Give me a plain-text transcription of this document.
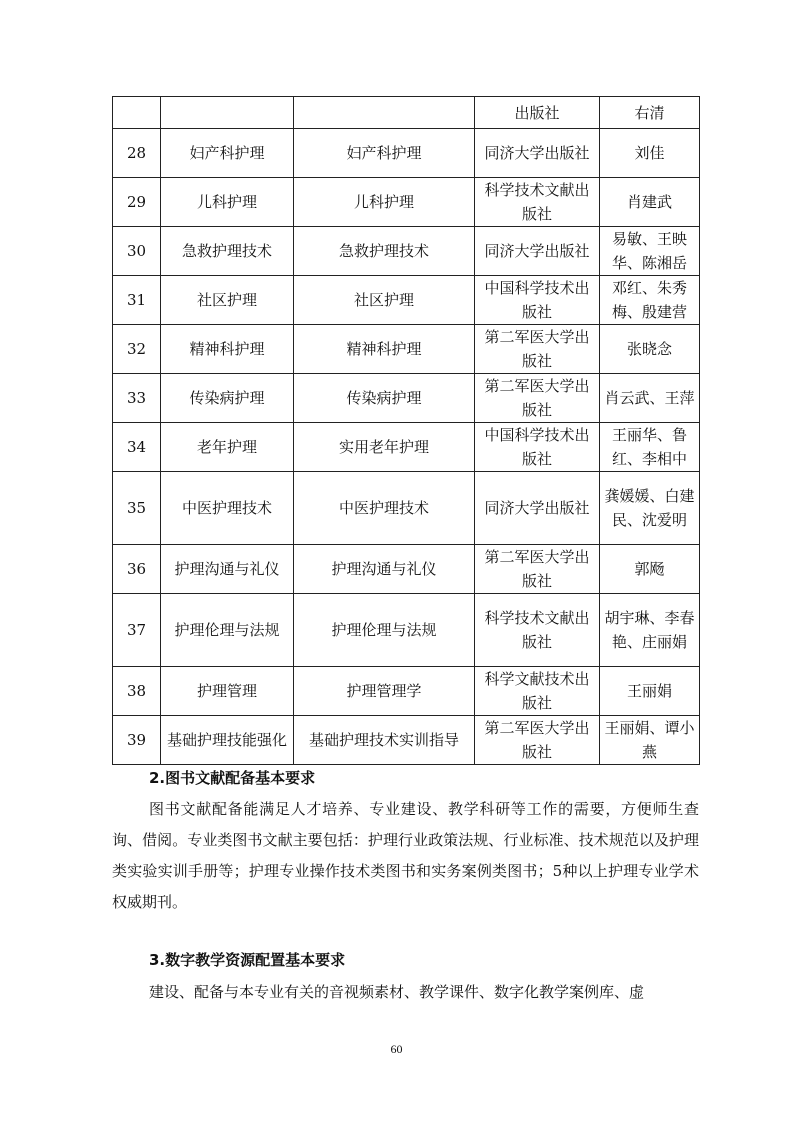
			出版社	右清
28	妇产科护理	妇产科护理	同济大学出版社	刘佳
29	儿科护理	儿科护理	科学技术文献出版社	肖建武
30	急救护理技术	急救护理技术	同济大学出版社	易敏、王映华、陈湘岳
31	社区护理	社区护理	中国科学技术出版社	邓红、朱秀梅、殷建营
32	精神科护理	精神科护理	第二军医大学出版社	张晓念
33	传染病护理	传染病护理	第二军医大学出版社	肖云武、王萍
34	老年护理	实用老年护理	中国科学技术出版社	王丽华、鲁红、李相中
35	中医护理技术	中医护理技术	同济大学出版社	龚媛媛、白建民、沈爱明
36	护理沟通与礼仪	护理沟通与礼仪	第二军医大学出版社	郭飏
37	护理伦理与法规	护理伦理与法规	科学技术文献出版社	胡宇琳、李春艳、庄丽娟
38	护理管理	护理管理学	科学文献技术出版社	王丽娟
39	基础护理技能强化	基础护理技术实训指导	第二军医大学出版社	王丽娟、谭小燕
2.图书文献配备基本要求

图书文献配备能满足人才培养、专业建设、教学科研等工作的需要，方便师生查询、借阅。专业类图书文献主要包括：护理行业政策法规、行业标准、技术规范以及护理类实验实训手册等；护理专业操作技术类图书和实务案例类图书；5种以上护理专业学术权威期刊。

3.数字教学资源配置基本要求

建设、配备与本专业有关的音视频素材、教学课件、数字化教学案例库、虚

60
